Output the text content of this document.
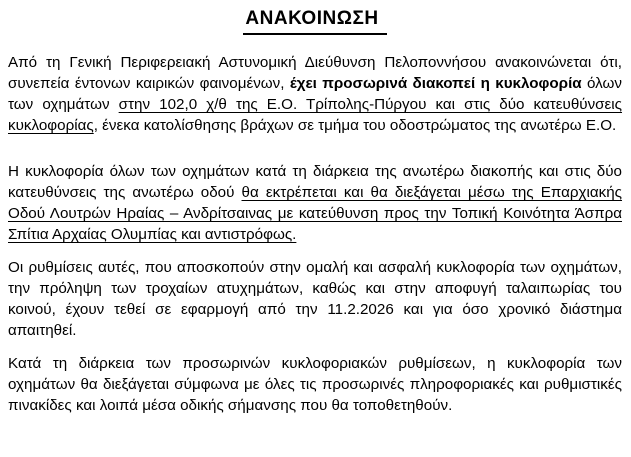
ΑΝΑΚΟΙΝΩΣΗ

Από τη Γενική Περιφερειακή Αστυνομική Διεύθυνση Πελοποννήσου ανακοινώνεται ότι, συνεπεία έντονων καιρικών φαινομένων, έχει προσωρινά διακοπεί η κυκλοφορία όλων των οχημάτων στην 102,0 χ/θ της Ε.Ο. Τρίπολης-Πύργου και στις δύο κατευθύνσεις κυκλοφορίας, ένεκα κατολίσθησης βράχων σε τμήμα του οδοστρώματος της ανωτέρω Ε.Ο.

Η κυκλοφορία όλων των οχημάτων κατά τη διάρκεια της ανωτέρω διακοπής και στις δύο κατευθύνσεις της ανωτέρω οδού θα εκτρέπεται και θα διεξάγεται μέσω της Επαρχιακής Οδού Λουτρών Ηραίας – Ανδρίτσαινας με κατεύθυνση προς την Τοπική Κοινότητα Άσπρα Σπίτια Αρχαίας Ολυμπίας και αντιστρόφως.

Οι ρυθμίσεις αυτές, που αποσκοπούν στην ομαλή και ασφαλή κυκλοφορία των οχημάτων, την πρόληψη των τροχαίων ατυχημάτων, καθώς και στην αποφυγή ταλαιπωρίας του κοινού, έχουν τεθεί σε εφαρμογή από την 11.2.2026 και για όσο χρονικό διάστημα απαιτηθεί.

Κατά τη διάρκεια των προσωρινών κυκλοφοριακών ρυθμίσεων, η κυκλοφορία των οχημάτων θα διεξάγεται σύμφωνα με όλες τις προσωρινές πληροφοριακές και ρυθμιστικές πινακίδες και λοιπά μέσα οδικής σήμανσης που θα τοποθετηθούν.
